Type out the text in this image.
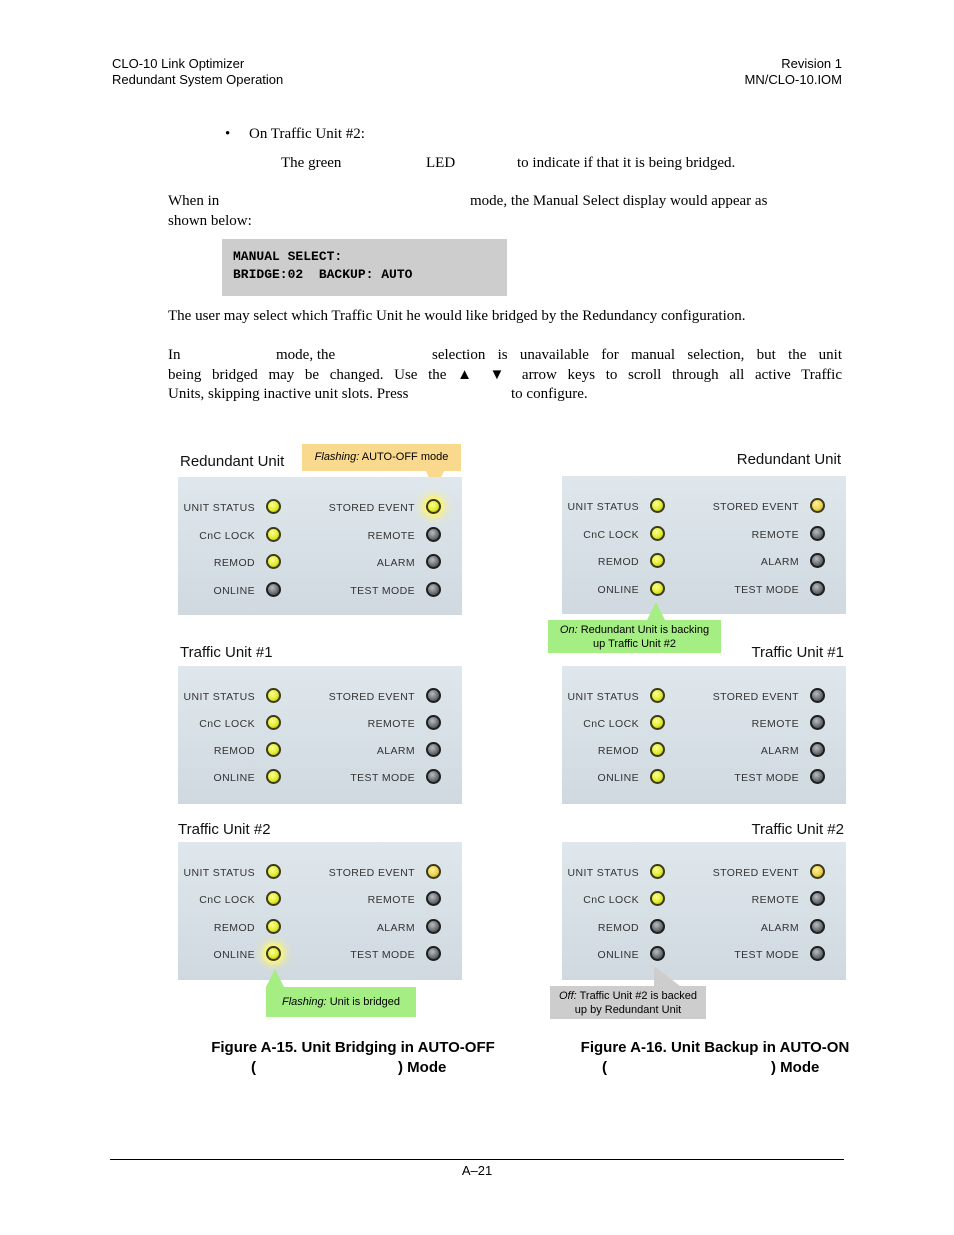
CLO-10 Link Optimizer
Redundant System Operation
Revision 1
MN/CLO-10.IOM
• On Traffic Unit #2:
The green	LED	to indicate if that it is being bridged.
When in	mode, the Manual Select display would appear as
shown below:
MANUAL SELECT:
BRIDGE:02  BACKUP: AUTO
The user may select which Traffic Unit he would like bridged by the Redundancy configuration.
In	mode, the	selection is unavailable for manual selection, but the unit
being bridged may be changed. Use the ▲ ▼ arrow keys to scroll through all active Traffic
Units, skipping inactive unit slots. Press	to configure.
Flashing: AUTO-OFF mode
Redundant Unit
UNIT STATUS	STORED EVENT
CnC LOCK	REMOTE
REMOD	ALARM
ONLINE	TEST MODE
Traffic Unit #1
UNIT STATUS	STORED EVENT
CnC LOCK	REMOTE
REMOD	ALARM
ONLINE	TEST MODE
Traffic Unit #2
UNIT STATUS	STORED EVENT
CnC LOCK	REMOTE
REMOD	ALARM
ONLINE	TEST MODE
Flashing: Unit is bridged
Redundant Unit
UNIT STATUS	STORED EVENT
CnC LOCK	REMOTE
REMOD	ALARM
ONLINE	TEST MODE
On: Redundant Unit is backing
up Traffic Unit #2	Traffic Unit #1
UNIT STATUS	STORED EVENT
CnC LOCK	REMOTE
REMOD	ALARM
ONLINE	TEST MODE
Traffic Unit #2
UNIT STATUS	STORED EVENT
CnC LOCK	REMOTE
REMOD	ALARM
ONLINE	TEST MODE
Off: Traffic Unit #2 is backed
up by Redundant Unit
Figure A-15. Unit Bridging in AUTO-OFF
(	) Mode
Figure A-16. Unit Backup in AUTO-ON
(	) Mode
A–21
